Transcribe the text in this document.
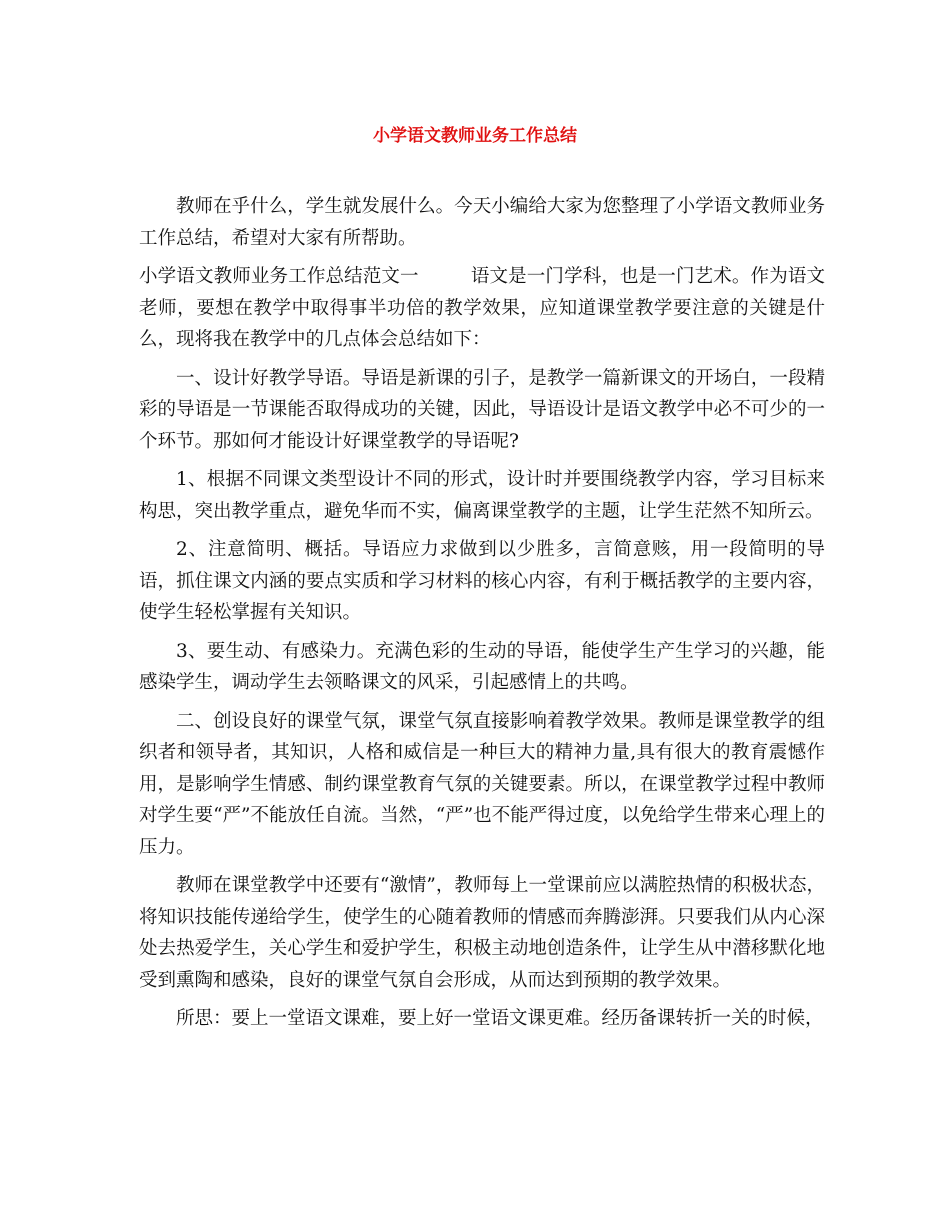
小学语文教师业务工作总结

教师在乎什么，学生就发展什么。今天小编给大家为您整理了小学语文教师业务工作总结，希望对大家有所帮助。

小学语文教师业务工作总结范文一	语文是一门学科，也是一门艺术。作为语文老师，要想在教学中取得事半功倍的教学效果，应知道课堂教学要注意的关键是什么，现将我在教学中的几点体会总结如下：

一、设计好教学导语。导语是新课的引子，是教学一篇新课文的开场白，一段精彩的导语是一节课能否取得成功的关键，因此，导语设计是语文教学中必不可少的一个环节。那如何才能设计好课堂教学的导语呢?

1、根据不同课文类型设计不同的形式，设计时并要围绕教学内容，学习目标来构思，突出教学重点，避免华而不实，偏离课堂教学的主题，让学生茫然不知所云。

2、注意简明、概括。导语应力求做到以少胜多，言简意赅，用一段简明的导语，抓住课文内涵的要点实质和学习材料的核心内容，有利于概括教学的主要内容，使学生轻松掌握有关知识。

3、要生动、有感染力。充满色彩的生动的导语，能使学生产生学习的兴趣，能感染学生，调动学生去领略课文的风采，引起感情上的共鸣。

二、创设良好的课堂气氛，课堂气氛直接影响着教学效果。教师是课堂教学的组织者和领导者，其知识，人格和威信是一种巨大的精神力量,具有很大的教育震憾作用，是影响学生情感、制约课堂教育气氛的关键要素。所以，在课堂教学过程中教师对学生要“严”不能放任自流。当然，“严”也不能严得过度，以免给学生带来心理上的压力。

教师在课堂教学中还要有“激情”，教师每上一堂课前应以满腔热情的积极状态，将知识技能传递给学生，使学生的心随着教师的情感而奔腾澎湃。只要我们从内心深处去热爱学生，关心学生和爱护学生，积极主动地创造条件，让学生从中潜移默化地受到熏陶和感染，良好的课堂气氛自会形成，从而达到预期的教学效果。

所思：要上一堂语文课难，要上好一堂语文课更难。经历备课转折一关的时候，
